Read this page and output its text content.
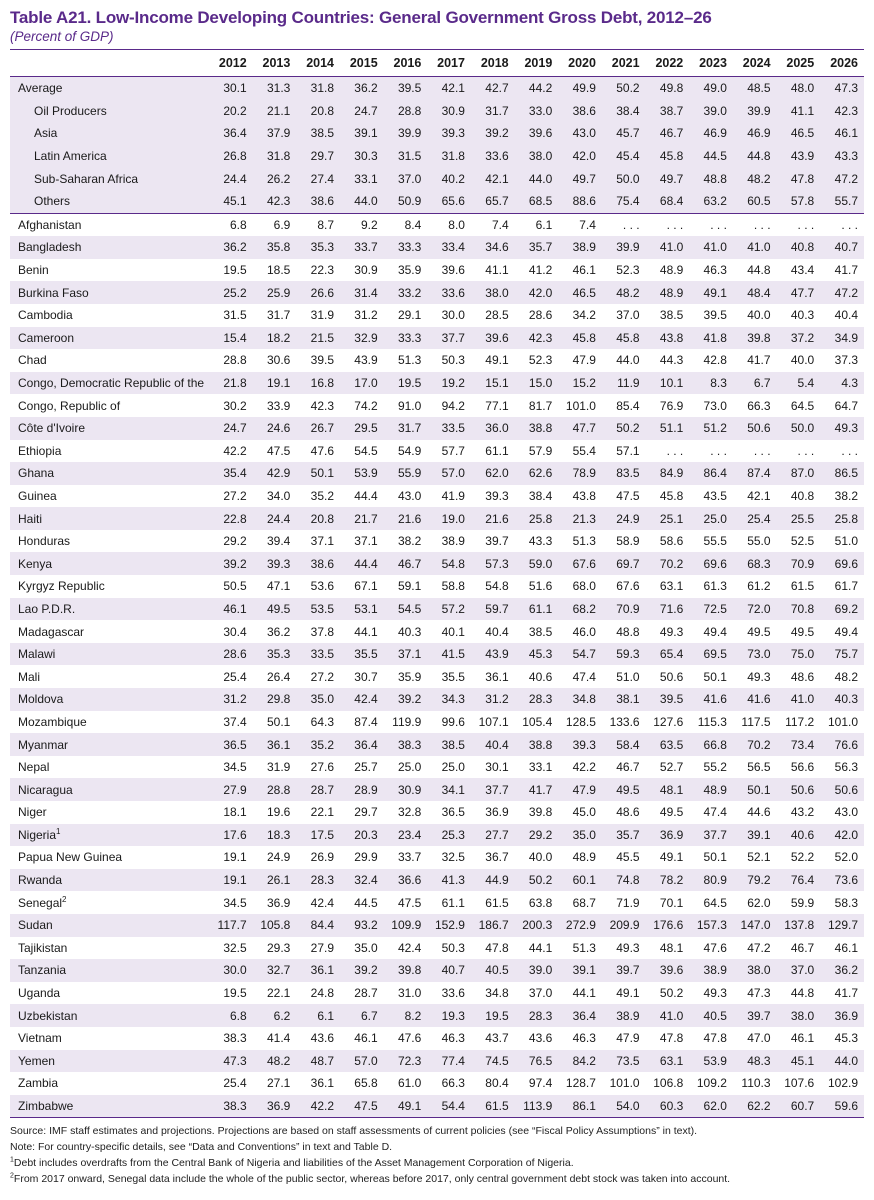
Table A21. Low-Income Developing Countries: General Government Gross Debt, 2012–26
(Percent of GDP)
	2012	2013	2014	2015	2016	2017	2018	2019	2020	2021	2022	2023	2024	2025	2026
Average	30.1	31.3	31.8	36.2	39.5	42.1	42.7	44.2	49.9	50.2	49.8	49.0	48.5	48.0	47.3
Oil Producers	20.2	21.1	20.8	24.7	28.8	30.9	31.7	33.0	38.6	38.4	38.7	39.0	39.9	41.1	42.3
Asia	36.4	37.9	38.5	39.1	39.9	39.3	39.2	39.6	43.0	45.7	46.7	46.9	46.9	46.5	46.1
Latin America	26.8	31.8	29.7	30.3	31.5	31.8	33.6	38.0	42.0	45.4	45.8	44.5	44.8	43.9	43.3
Sub-Saharan Africa	24.4	26.2	27.4	33.1	37.0	40.2	42.1	44.0	49.7	50.0	49.7	48.8	48.2	47.8	47.2
Others	45.1	42.3	38.6	44.0	50.9	65.6	65.7	68.5	88.6	75.4	68.4	63.2	60.5	57.8	55.7
Afghanistan	6.8	6.9	8.7	9.2	8.4	8.0	7.4	6.1	7.4	. . .	. . .	. . .	. . .	. . .	. . .
Bangladesh	36.2	35.8	35.3	33.7	33.3	33.4	34.6	35.7	38.9	39.9	41.0	41.0	41.0	40.8	40.7
Benin	19.5	18.5	22.3	30.9	35.9	39.6	41.1	41.2	46.1	52.3	48.9	46.3	44.8	43.4	41.7
Burkina Faso	25.2	25.9	26.6	31.4	33.2	33.6	38.0	42.0	46.5	48.2	48.9	49.1	48.4	47.7	47.2
Cambodia	31.5	31.7	31.9	31.2	29.1	30.0	28.5	28.6	34.2	37.0	38.5	39.5	40.0	40.3	40.4
Cameroon	15.4	18.2	21.5	32.9	33.3	37.7	39.6	42.3	45.8	45.8	43.8	41.8	39.8	37.2	34.9
Chad	28.8	30.6	39.5	43.9	51.3	50.3	49.1	52.3	47.9	44.0	44.3	42.8	41.7	40.0	37.3
Congo, Democratic Republic of the	21.8	19.1	16.8	17.0	19.5	19.2	15.1	15.0	15.2	11.9	10.1	8.3	6.7	5.4	4.3
Congo, Republic of	30.2	33.9	42.3	74.2	91.0	94.2	77.1	81.7	101.0	85.4	76.9	73.0	66.3	64.5	64.7
Côte d'Ivoire	24.7	24.6	26.7	29.5	31.7	33.5	36.0	38.8	47.7	50.2	51.1	51.2	50.6	50.0	49.3
Ethiopia	42.2	47.5	47.6	54.5	54.9	57.7	61.1	57.9	55.4	57.1	. . .	. . .	. . .	. . .	. . .
Ghana	35.4	42.9	50.1	53.9	55.9	57.0	62.0	62.6	78.9	83.5	84.9	86.4	87.4	87.0	86.5
Guinea	27.2	34.0	35.2	44.4	43.0	41.9	39.3	38.4	43.8	47.5	45.8	43.5	42.1	40.8	38.2
Haiti	22.8	24.4	20.8	21.7	21.6	19.0	21.6	25.8	21.3	24.9	25.1	25.0	25.4	25.5	25.8
Honduras	29.2	39.4	37.1	37.1	38.2	38.9	39.7	43.3	51.3	58.9	58.6	55.5	55.0	52.5	51.0
Kenya	39.2	39.3	38.6	44.4	46.7	54.8	57.3	59.0	67.6	69.7	70.2	69.6	68.3	70.9	69.6
Kyrgyz Republic	50.5	47.1	53.6	67.1	59.1	58.8	54.8	51.6	68.0	67.6	63.1	61.3	61.2	61.5	61.7
Lao P.D.R.	46.1	49.5	53.5	53.1	54.5	57.2	59.7	61.1	68.2	70.9	71.6	72.5	72.0	70.8	69.2
Madagascar	30.4	36.2	37.8	44.1	40.3	40.1	40.4	38.5	46.0	48.8	49.3	49.4	49.5	49.5	49.4
Malawi	28.6	35.3	33.5	35.5	37.1	41.5	43.9	45.3	54.7	59.3	65.4	69.5	73.0	75.0	75.7
Mali	25.4	26.4	27.2	30.7	35.9	35.5	36.1	40.6	47.4	51.0	50.6	50.1	49.3	48.6	48.2
Moldova	31.2	29.8	35.0	42.4	39.2	34.3	31.2	28.3	34.8	38.1	39.5	41.6	41.6	41.0	40.3
Mozambique	37.4	50.1	64.3	87.4	119.9	99.6	107.1	105.4	128.5	133.6	127.6	115.3	117.5	117.2	101.0
Myanmar	36.5	36.1	35.2	36.4	38.3	38.5	40.4	38.8	39.3	58.4	63.5	66.8	70.2	73.4	76.6
Nepal	34.5	31.9	27.6	25.7	25.0	25.0	30.1	33.1	42.2	46.7	52.7	55.2	56.5	56.6	56.3
Nicaragua	27.9	28.8	28.7	28.9	30.9	34.1	37.7	41.7	47.9	49.5	48.1	48.9	50.1	50.6	50.6
Niger	18.1	19.6	22.1	29.7	32.8	36.5	36.9	39.8	45.0	48.6	49.5	47.4	44.6	43.2	43.0
Nigeria$^1$	17.6	18.3	17.5	20.3	23.4	25.3	27.7	29.2	35.0	35.7	36.9	37.7	39.1	40.6	42.0
Papua New Guinea	19.1	24.9	26.9	29.9	33.7	32.5	36.7	40.0	48.9	45.5	49.1	50.1	52.1	52.2	52.0
Rwanda	19.1	26.1	28.3	32.4	36.6	41.3	44.9	50.2	60.1	74.8	78.2	80.9	79.2	76.4	73.6
Senegal$^2$	34.5	36.9	42.4	44.5	47.5	61.1	61.5	63.8	68.7	71.9	70.1	64.5	62.0	59.9	58.3
Sudan	117.7	105.8	84.4	93.2	109.9	152.9	186.7	200.3	272.9	209.9	176.6	157.3	147.0	137.8	129.7
Tajikistan	32.5	29.3	27.9	35.0	42.4	50.3	47.8	44.1	51.3	49.3	48.1	47.6	47.2	46.7	46.1
Tanzania	30.0	32.7	36.1	39.2	39.8	40.7	40.5	39.0	39.1	39.7	39.6	38.9	38.0	37.0	36.2
Uganda	19.5	22.1	24.8	28.7	31.0	33.6	34.8	37.0	44.1	49.1	50.2	49.3	47.3	44.8	41.7
Uzbekistan	6.8	6.2	6.1	6.7	8.2	19.3	19.5	28.3	36.4	38.9	41.0	40.5	39.7	38.0	36.9
Vietnam	38.3	41.4	43.6	46.1	47.6	46.3	43.7	43.6	46.3	47.9	47.8	47.8	47.0	46.1	45.3
Yemen	47.3	48.2	48.7	57.0	72.3	77.4	74.5	76.5	84.2	73.5	63.1	53.9	48.3	45.1	44.0
Zambia	25.4	27.1	36.1	65.8	61.0	66.3	80.4	97.4	128.7	101.0	106.8	109.2	110.3	107.6	102.9
Zimbabwe	38.3	36.9	42.2	47.5	49.1	54.4	61.5	113.9	86.1	54.0	60.3	62.0	62.2	60.7	59.6
Source: IMF staff estimates and projections. Projections are based on staff assessments of current policies (see “Fiscal Policy Assumptions” in text).
Note: For country-specific details, see “Data and Conventions” in text and Table D.
$^1$Debt includes overdrafts from the Central Bank of Nigeria and liabilities of the Asset Management Corporation of Nigeria.
$^2$From 2017 onward, Senegal data include the whole of the public sector, whereas before 2017, only central government debt stock was taken into account.
